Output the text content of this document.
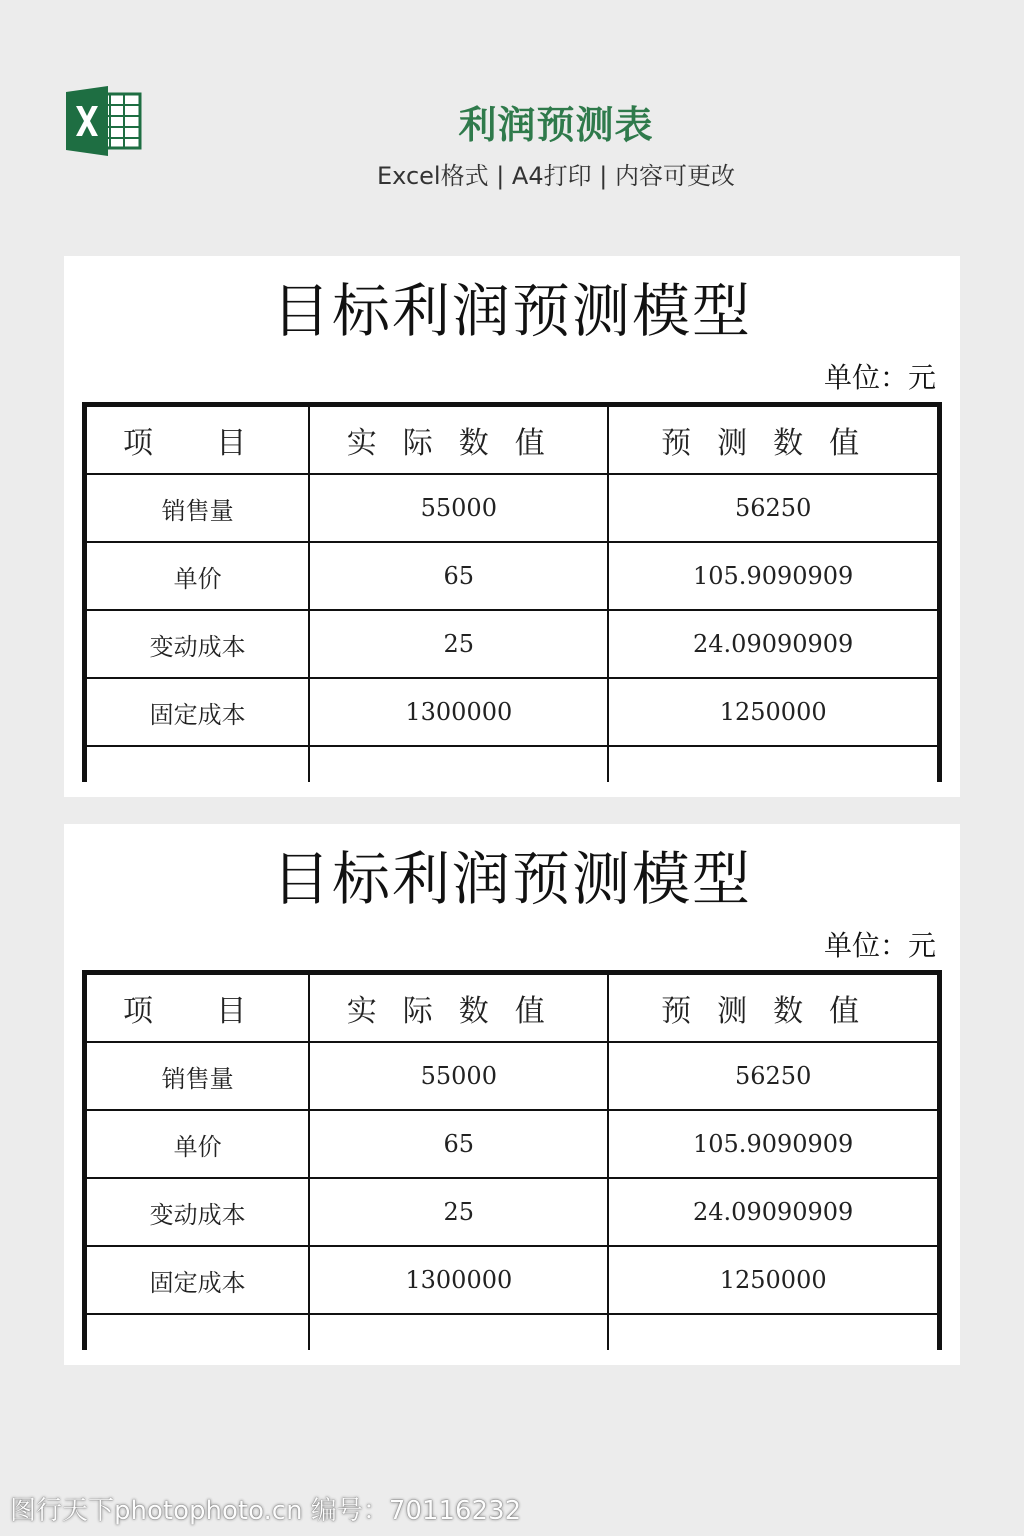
利润预测表
Excel格式 | A4打印 | 内容可更改
目标利润预测模型
单位：元
项目	实际数值	预测数值
销售量	55000	56250
单价	65	105.9090909
变动成本	25	24.09090909
固定成本	1300000	1250000

目标利润预测模型
单位：元
项目	实际数值	预测数值
销售量	55000	56250
单价	65	105.9090909
变动成本	25	24.09090909
固定成本	1300000	1250000

图行天下photophoto.cn 编号：70116232
